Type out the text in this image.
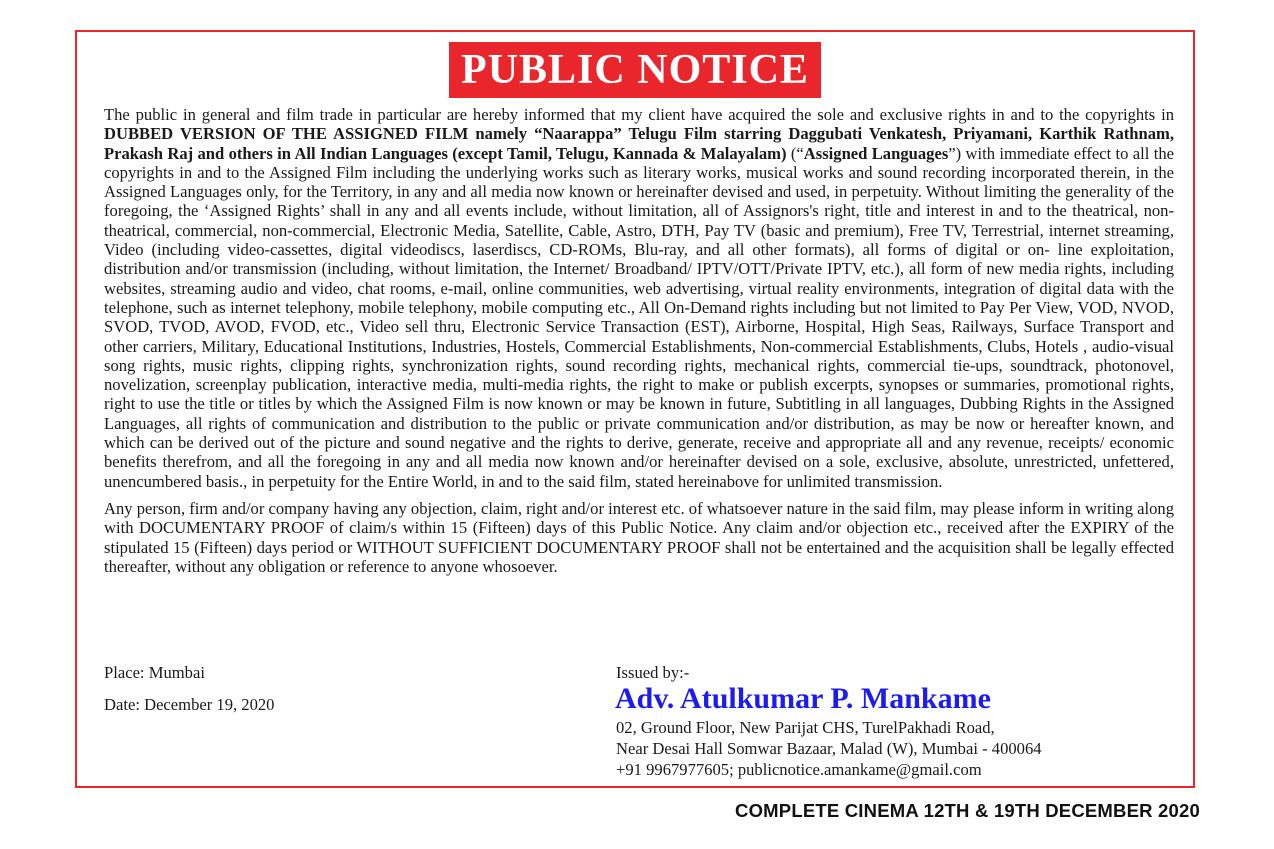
PUBLIC NOTICE

The public in general and film trade in particular are hereby informed that my client have acquired the sole and exclusive rights in and to the copyrights in DUBBED VERSION OF THE ASSIGNED FILM namely “Naarappa” Telugu Film starring Daggubati Venkatesh, Priyamani, Karthik Rathnam, Prakash Raj and others in All Indian Languages (except Tamil, Telugu, Kannada & Malayalam) (“Assigned Languages”) with immediate effect to all the copyrights in and to the Assigned Film including the underlying works such as literary works, musical works and sound recording incorporated therein, in the Assigned Languages only, for the Territory, in any and all media now known or hereinafter devised and used, in perpetuity. Without limiting the generality of the foregoing, the ‘Assigned Rights’ shall in any and all events include, without limitation, all of Assignors's right, title and interest in and to the theatrical, non-theatrical, commercial, non-commercial, Electronic Media, Satellite, Cable, Astro, DTH, Pay TV (basic and premium), Free TV, Terrestrial, internet streaming, Video (including video-cassettes, digital videodiscs, laserdiscs, CD-ROMs, Blu-ray, and all other formats), all forms of digital or on- line exploitation, distribution and/or transmission (including, without limitation, the Internet/ Broadband/ IPTV/OTT/Private IPTV, etc.), all form of new media rights, including websites, streaming audio and video, chat rooms, e-mail, online communities, web advertising, virtual reality environments, integration of digital data with the telephone, such as internet telephony, mobile telephony, mobile computing etc., All On-Demand rights including but not limited to Pay Per View, VOD, NVOD, SVOD, TVOD, AVOD, FVOD, etc., Video sell thru, Electronic Service Transaction (EST), Airborne, Hospital, High Seas, Railways, Surface Transport and other carriers, Military, Educational Institutions, Industries, Hostels, Commercial Establishments, Non-commercial Establishments, Clubs, Hotels , audio-visual song rights, music rights, clipping rights, synchronization rights, sound recording rights, mechanical rights, commercial tie-ups, soundtrack, photonovel, novelization, screenplay publication, interactive media, multi-media rights, the right to make or publish excerpts, synopses or summaries, promotional rights, right to use the title or titles by which the Assigned Film is now known or may be known in future, Subtitling in all languages, Dubbing Rights in the Assigned Languages, all rights of communication and distribution to the public or private communication and/or distribution, as may be now or hereafter known, and which can be derived out of the picture and sound negative and the rights to derive, generate, receive and appropriate all and any revenue, receipts/ economic benefits therefrom, and all the foregoing in any and all media now known and/or hereinafter devised on a sole, exclusive, absolute, unrestricted, unfettered, unencumbered basis., in perpetuity for the Entire World, in and to the said film, stated hereinabove for unlimited transmission.

Any person, firm and/or company having any objection, claim, right and/or interest etc. of whatsoever nature in the said film, may please inform in writing along with DOCUMENTARY PROOF of claim/s within 15 (Fifteen) days of this Public Notice. Any claim and/or objection etc., received after the EXPIRY of the stipulated 15 (Fifteen) days period or WITHOUT SUFFICIENT DOCUMENTARY PROOF shall not be entertained and the acquisition shall be legally effected thereafter, without any obligation or reference to anyone whosoever.

Place: Mumbai
Date: December 19, 2020
Issued by:-
Adv. Atulkumar P. Mankame
02, Ground Floor, New Parijat CHS, TurelPakhadi Road,
Near Desai Hall Somwar Bazaar, Malad (W), Mumbai - 400064
+91 9967977605; publicnotice.amankame@gmail.com
COMPLETE CINEMA 12TH & 19TH DECEMBER 2020
